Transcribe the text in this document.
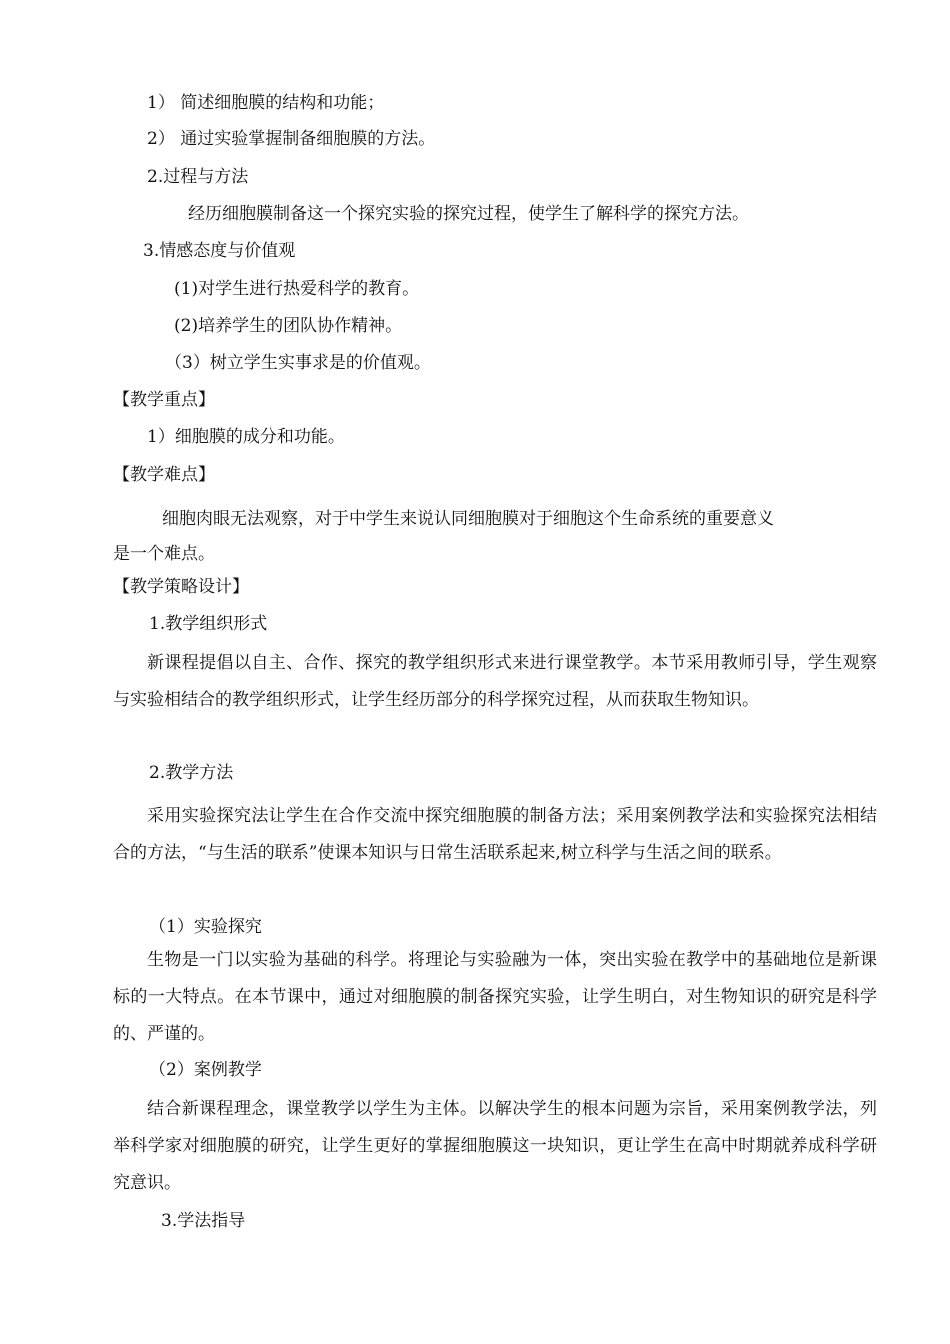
1） 简述细胞膜的结构和功能；
2） 通过实验掌握制备细胞膜的方法。
2.过程与方法
经历细胞膜制备这一个探究实验的探究过程，使学生了解科学的探究方法。
3.情感态度与价值观
(1)对学生进行热爱科学的教育。
(2)培养学生的团队协作精神。
（3）树立学生实事求是的价值观。
【教学重点】
1）细胞膜的成分和功能。
【教学难点】
细胞肉眼无法观察，对于中学生来说认同细胞膜对于细胞这个生命系统的重要意义
是一个难点。
【教学策略设计】
1.教学组织形式
新课程提倡以自主、合作、探究的教学组织形式来进行课堂教学。本节采用教师引导，学生观察与实验相结合的教学组织形式，让学生经历部分的科学探究过程，从而获取生物知识。
2.教学方法
采用实验探究法让学生在合作交流中探究细胞膜的制备方法；采用案例教学法和实验探究法相结合的方法，“与生活的联系”使课本知识与日常生活联系起来,树立科学与生活之间的联系。
（1）实验探究
生物是一门以实验为基础的科学。将理论与实验融为一体，突出实验在教学中的基础地位是新课标的一大特点。在本节课中，通过对细胞膜的制备探究实验，让学生明白，对生物知识的研究是科学的、严谨的。
（2）案例教学
结合新课程理念，课堂教学以学生为主体。以解决学生的根本问题为宗旨，采用案例教学法，列举科学家对细胞膜的研究，让学生更好的掌握细胞膜这一块知识，更让学生在高中时期就养成科学研究意识。
3.学法指导
